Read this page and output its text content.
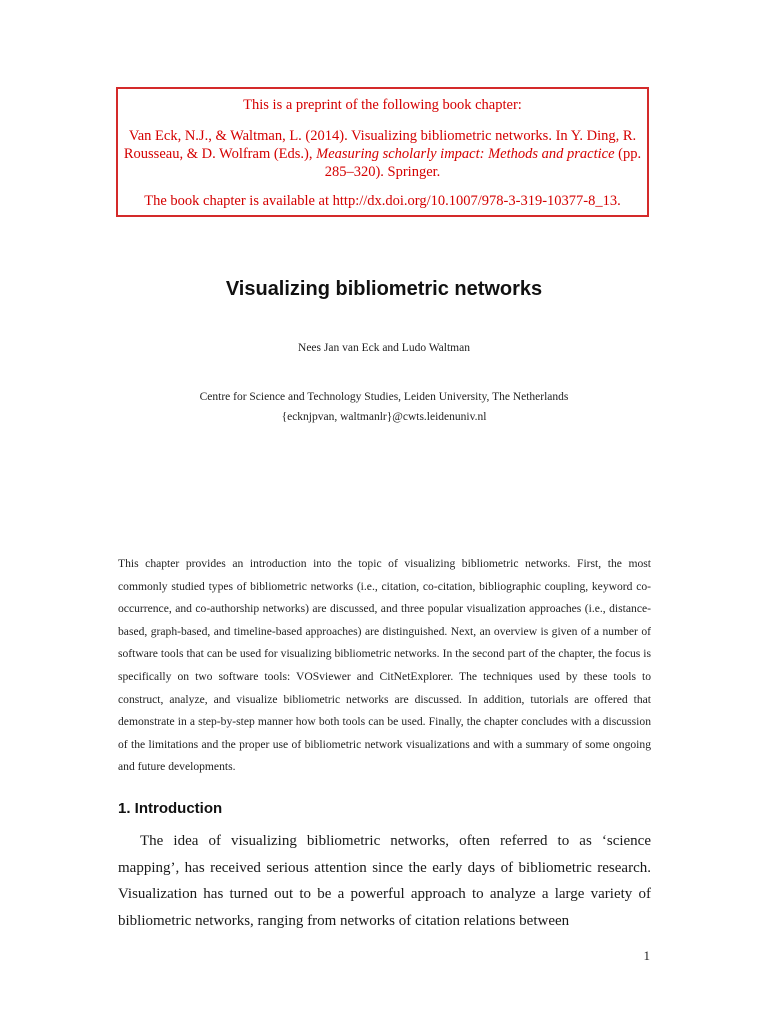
This is a preprint of the following book chapter:

Van Eck, N.J., & Waltman, L. (2014). Visualizing bibliometric networks. In Y. Ding, R. Rousseau, & D. Wolfram (Eds.), Measuring scholarly impact: Methods and practice (pp. 285–320). Springer.

The book chapter is available at http://dx.doi.org/10.1007/978-3-319-10377-8_13.

Visualizing bibliometric networks
Nees Jan van Eck and Ludo Waltman
Centre for Science and Technology Studies, Leiden University, The Netherlands
{ecknjpvan, waltmanlr}@cwts.leidenuniv.nl

This chapter provides an introduction into the topic of visualizing bibliometric networks. First, the most commonly studied types of bibliometric networks (i.e., citation, co-citation, bibliographic coupling, keyword co-occurrence, and co-authorship networks) are discussed, and three popular visualization approaches (i.e., distance-based, graph-based, and timeline-based approaches) are distinguished. Next, an overview is given of a number of software tools that can be used for visualizing bibliometric networks. In the second part of the chapter, the focus is specifically on two software tools: VOSviewer and CitNetExplorer. The techniques used by these tools to construct, analyze, and visualize bibliometric networks are discussed. In addition, tutorials are offered that demonstrate in a step-by-step manner how both tools can be used. Finally, the chapter concludes with a discussion of the limitations and the proper use of bibliometric network visualizations and with a summary of some ongoing and future developments.

1. Introduction

The idea of visualizing bibliometric networks, often referred to as ‘science mapping’, has received serious attention since the early days of bibliometric research. Visualization has turned out to be a powerful approach to analyze a large variety of bibliometric networks, ranging from networks of citation relations between

1
